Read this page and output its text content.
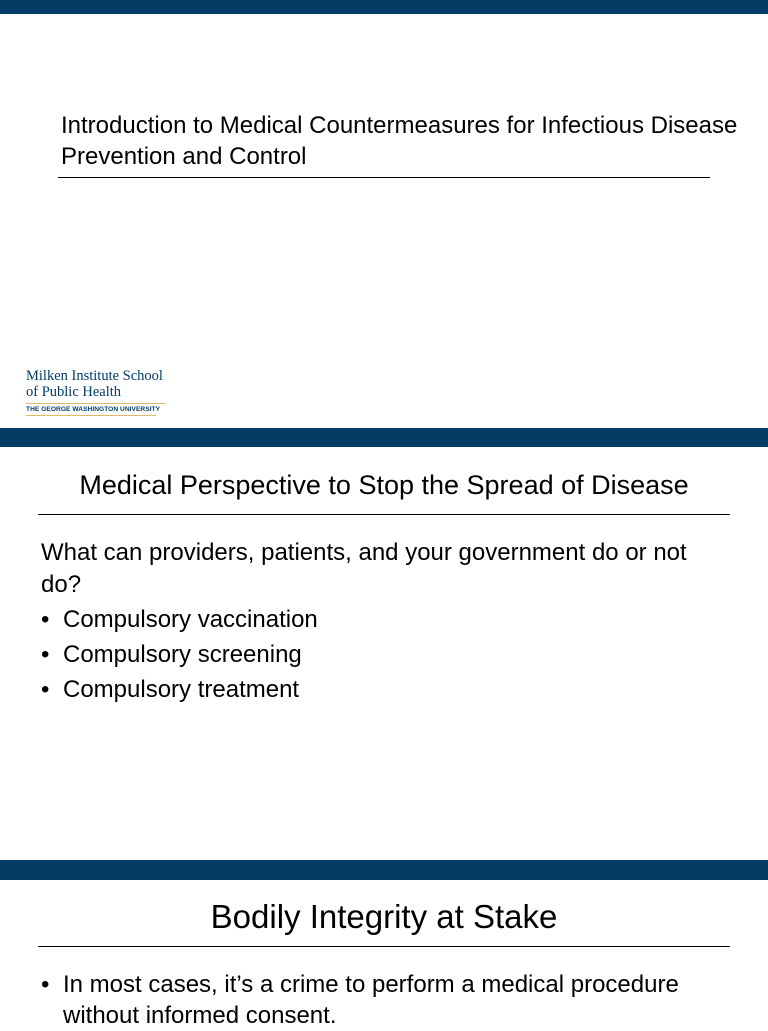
Introduction to Medical Countermeasures for Infectious Disease Prevention and Control
Milken Institute School
of Public Health
THE GEORGE WASHINGTON UNIVERSITY
Medical Perspective to Stop the Spread of Disease
What can providers, patients, and your government do or not do?
• Compulsory vaccination
• Compulsory screening
• Compulsory treatment
Bodily Integrity at Stake
• In most cases, it’s a crime to perform a medical procedure without informed consent.
